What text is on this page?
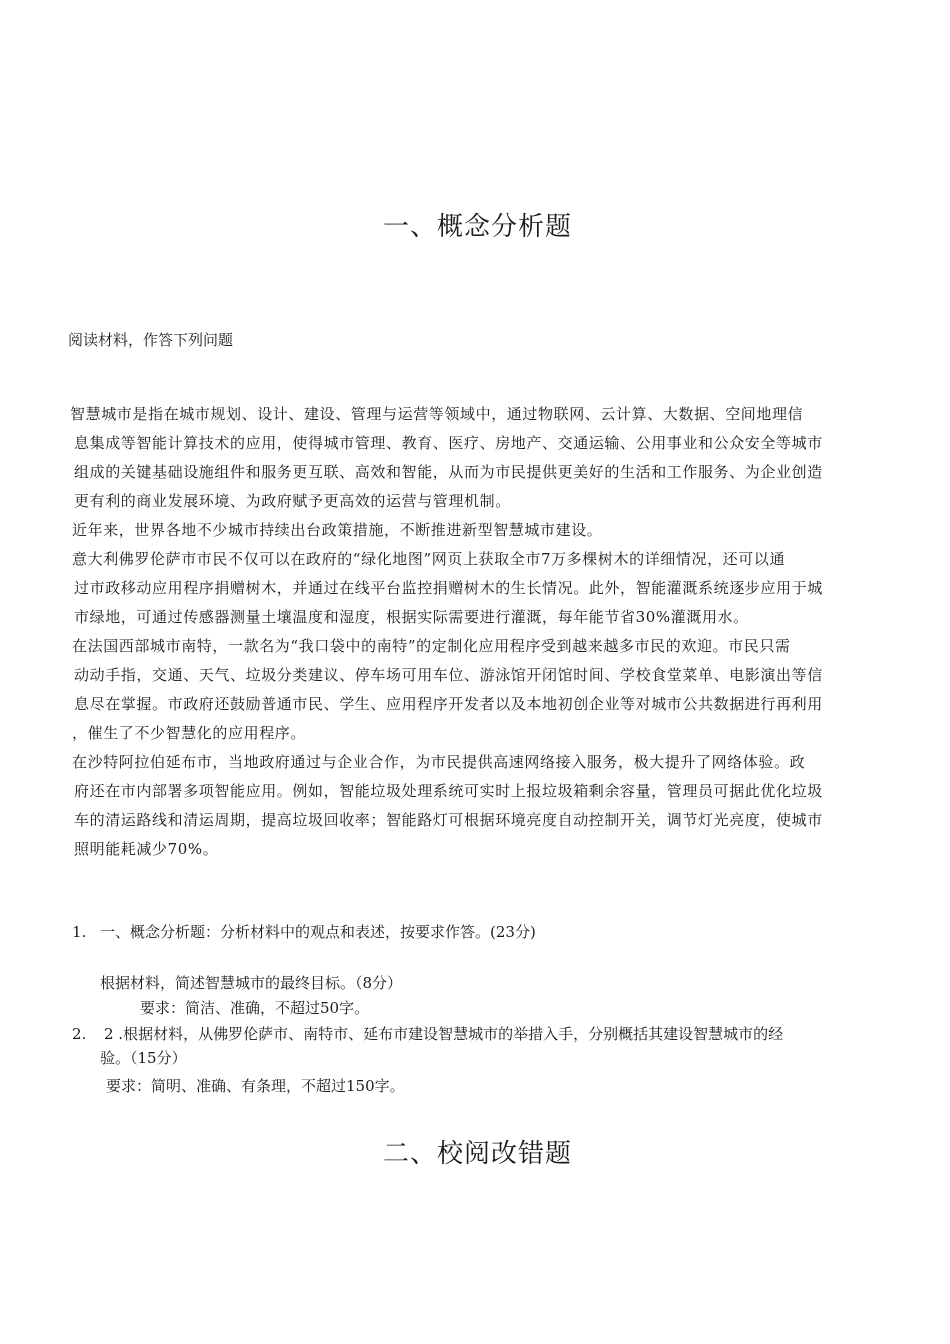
一、概念分析题
阅读材料，作答下列问题
智慧城市是指在城市规划、设计、建设、管理与运营等领域中，通过物联网、云计算、大数据、空间地理信
息集成等智能计算技术的应用，使得城市管理、教育、医疗、房地产、交通运输、公用事业和公众安全等城市
组成的关键基础设施组件和服务更互联、高效和智能，从而为市民提供更美好的生活和工作服务、为企业创造
更有利的商业发展环境、为政府赋予更高效的运营与管理机制。
近年来，世界各地不少城市持续出台政策措施，不断推进新型智慧城市建设。
意大利佛罗伦萨市市民不仅可以在政府的“绿化地图”网页上获取全市7万多棵树木的详细情况，还可以通
过市政移动应用程序捐赠树木，并通过在线平台监控捐赠树木的生长情况。此外，智能灌溉系统逐步应用于城
市绿地，可通过传感器测量土壤温度和湿度，根据实际需要进行灌溉，每年能节省30%灌溉用水。
在法国西部城市南特，一款名为“我口袋中的南特”的定制化应用程序受到越来越多市民的欢迎。市民只需
动动手指，交通、天气、垃圾分类建议、停车场可用车位、游泳馆开闭馆时间、学校食堂菜单、电影演出等信
息尽在掌握。市政府还鼓励普通市民、学生、应用程序开发者以及本地初创企业等对城市公共数据进行再利用
，催生了不少智慧化的应用程序。
在沙特阿拉伯延布市，当地政府通过与企业合作，为市民提供高速网络接入服务，极大提升了网络体验。政
府还在市内部署多项智能应用。例如，智能垃圾处理系统可实时上报垃圾箱剩余容量，管理员可据此优化垃圾
车的清运路线和清运周期，提高垃圾回收率；智能路灯可根据环境亮度自动控制开关，调节灯光亮度，使城市
照明能耗减少70%。
1. 一、概念分析题：分析材料中的观点和表述，按要求作答。(23分)
根据材料，简述智慧城市的最终目标。（8分）
要求：简洁、准确，不超过50字。
2. 2 .根据材料，从佛罗伦萨市、南特市、延布市建设智慧城市的举措入手，分别概括其建设智慧城市的经
验。（15分）
要求：简明、准确、有条理，不超过150字。
二、校阅改错题
